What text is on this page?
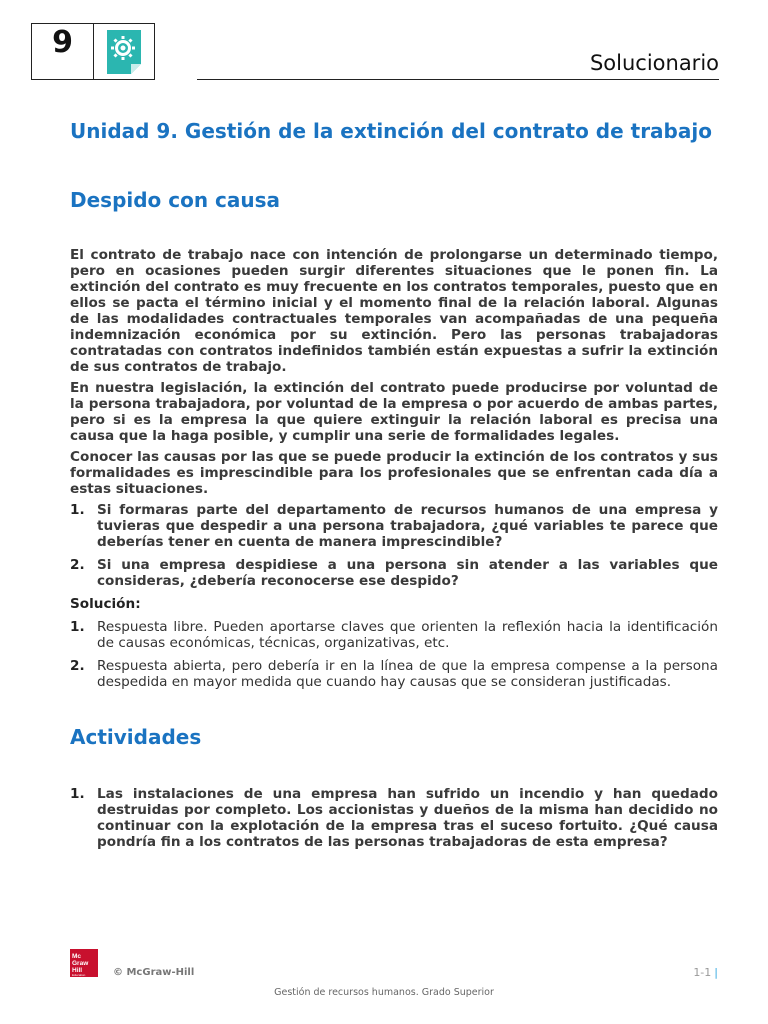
9
Solucionario
Unidad 9. Gestión de la extinción del contrato de trabajo
Despido con causa

El contrato de trabajo nace con intención de prolongarse un determinado tiempo, pero en ocasiones pueden surgir diferentes situaciones que le ponen fin. La extinción del contrato es muy frecuente en los contratos temporales, puesto que en ellos se pacta el término inicial y el momento final de la relación laboral. Algunas de las modalidades contractuales temporales van acompañadas de una pequeña indemnización económica por su extinción. Pero las personas trabajadoras contratadas con contratos indefinidos también están expuestas a sufrir la extinción de sus contratos de trabajo.

En nuestra legislación, la extinción del contrato puede producirse por voluntad de la persona trabajadora, por voluntad de la empresa o por acuerdo de ambas partes, pero si es la empresa la que quiere extinguir la relación laboral es precisa una causa que la haga posible, y cumplir una serie de formalidades legales.

Conocer las causas por las que se puede producir la extinción de los contratos y sus formalidades es imprescindible para los profesionales que se enfrentan cada día a estas situaciones.

1. Si formaras parte del departamento de recursos humanos de una empresa y tuvieras que despedir a una persona trabajadora, ¿qué variables te parece que deberías tener en cuenta de manera imprescindible?
2. Si una empresa despidiese a una persona sin atender a las variables que consideras, ¿debería reconocerse ese despido?
Solución:
1. Respuesta libre. Pueden aportarse claves que orienten la reflexión hacia la identificación de causas económicas, técnicas, organizativas, etc.
2. Respuesta abierta, pero debería ir en la línea de que la empresa compense a la persona despedida en mayor medida que cuando hay causas que se consideran justificadas.
Actividades
1. Las instalaciones de una empresa han sufrido un incendio y han quedado destruidas por completo. Los accionistas y dueños de la misma han decidido no continuar con la explotación de la empresa tras el suceso fortuito. ¿Qué causa pondría fin a los contratos de las personas trabajadoras de esta empresa?
Mc
Graw
Hill
Education	© McGraw-Hill	1-1 |
Gestión de recursos humanos. Grado Superior
